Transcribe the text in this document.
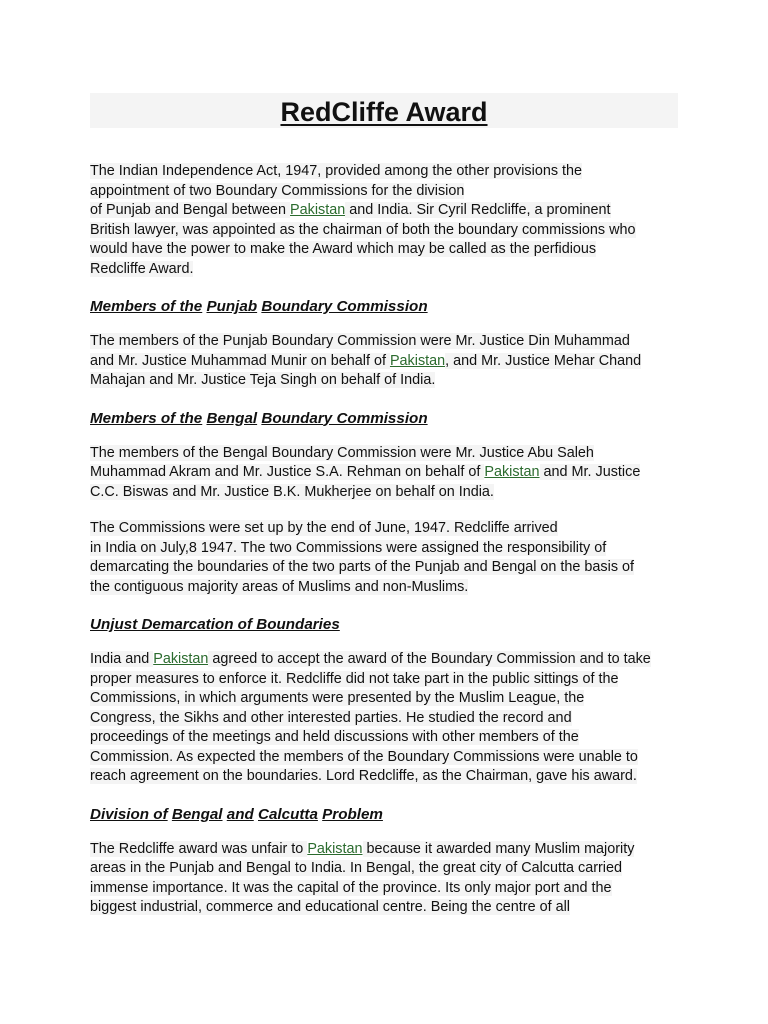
RedCliffe Award

The Indian Independence Act, 1947, provided among the other provisions the
appointment of two Boundary Commissions for the division
of Punjab and Bengal between Pakistan and India. Sir Cyril Redcliffe, a prominent
British lawyer, was appointed as the chairman of both the boundary commissions who
would have the power to make the Award which may be called as the perfidious
Redcliffe Award.

Members of the Punjab Boundary Commission

The members of the Punjab Boundary Commission were Mr. Justice Din Muhammad
and Mr. Justice Muhammad Munir on behalf of Pakistan, and Mr. Justice Mehar Chand
Mahajan and Mr. Justice Teja Singh on behalf of India.

Members of the Bengal Boundary Commission

The members of the Bengal Boundary Commission were Mr. Justice Abu Saleh
Muhammad Akram and Mr. Justice S.A. Rehman on behalf of Pakistan and Mr. Justice
C.C. Biswas and Mr. Justice B.K. Mukherjee on behalf on India.

The Commissions were set up by the end of June, 1947. Redcliffe arrived
in India on July,8 1947. The two Commissions were assigned the responsibility of
demarcating the boundaries of the two parts of the Punjab and Bengal on the basis of
the contiguous majority areas of Muslims and non-Muslims.

Unjust Demarcation of Boundaries

India and Pakistan agreed to accept the award of the Boundary Commission and to take
proper measures to enforce it. Redcliffe did not take part in the public sittings of the
Commissions, in which arguments were presented by the Muslim League, the
Congress, the Sikhs and other interested parties. He studied the record and
proceedings of the meetings and held discussions with other members of the
Commission. As expected the members of the Boundary Commissions were unable to
reach agreement on the boundaries. Lord Redcliffe, as the Chairman, gave his award.

Division of Bengal and Calcutta Problem

The Redcliffe award was unfair to Pakistan because it awarded many Muslim majority
areas in the Punjab and Bengal to India. In Bengal, the great city of Calcutta carried
immense importance. It was the capital of the province. Its only major port and the
biggest industrial, commerce and educational centre. Being the centre of all
